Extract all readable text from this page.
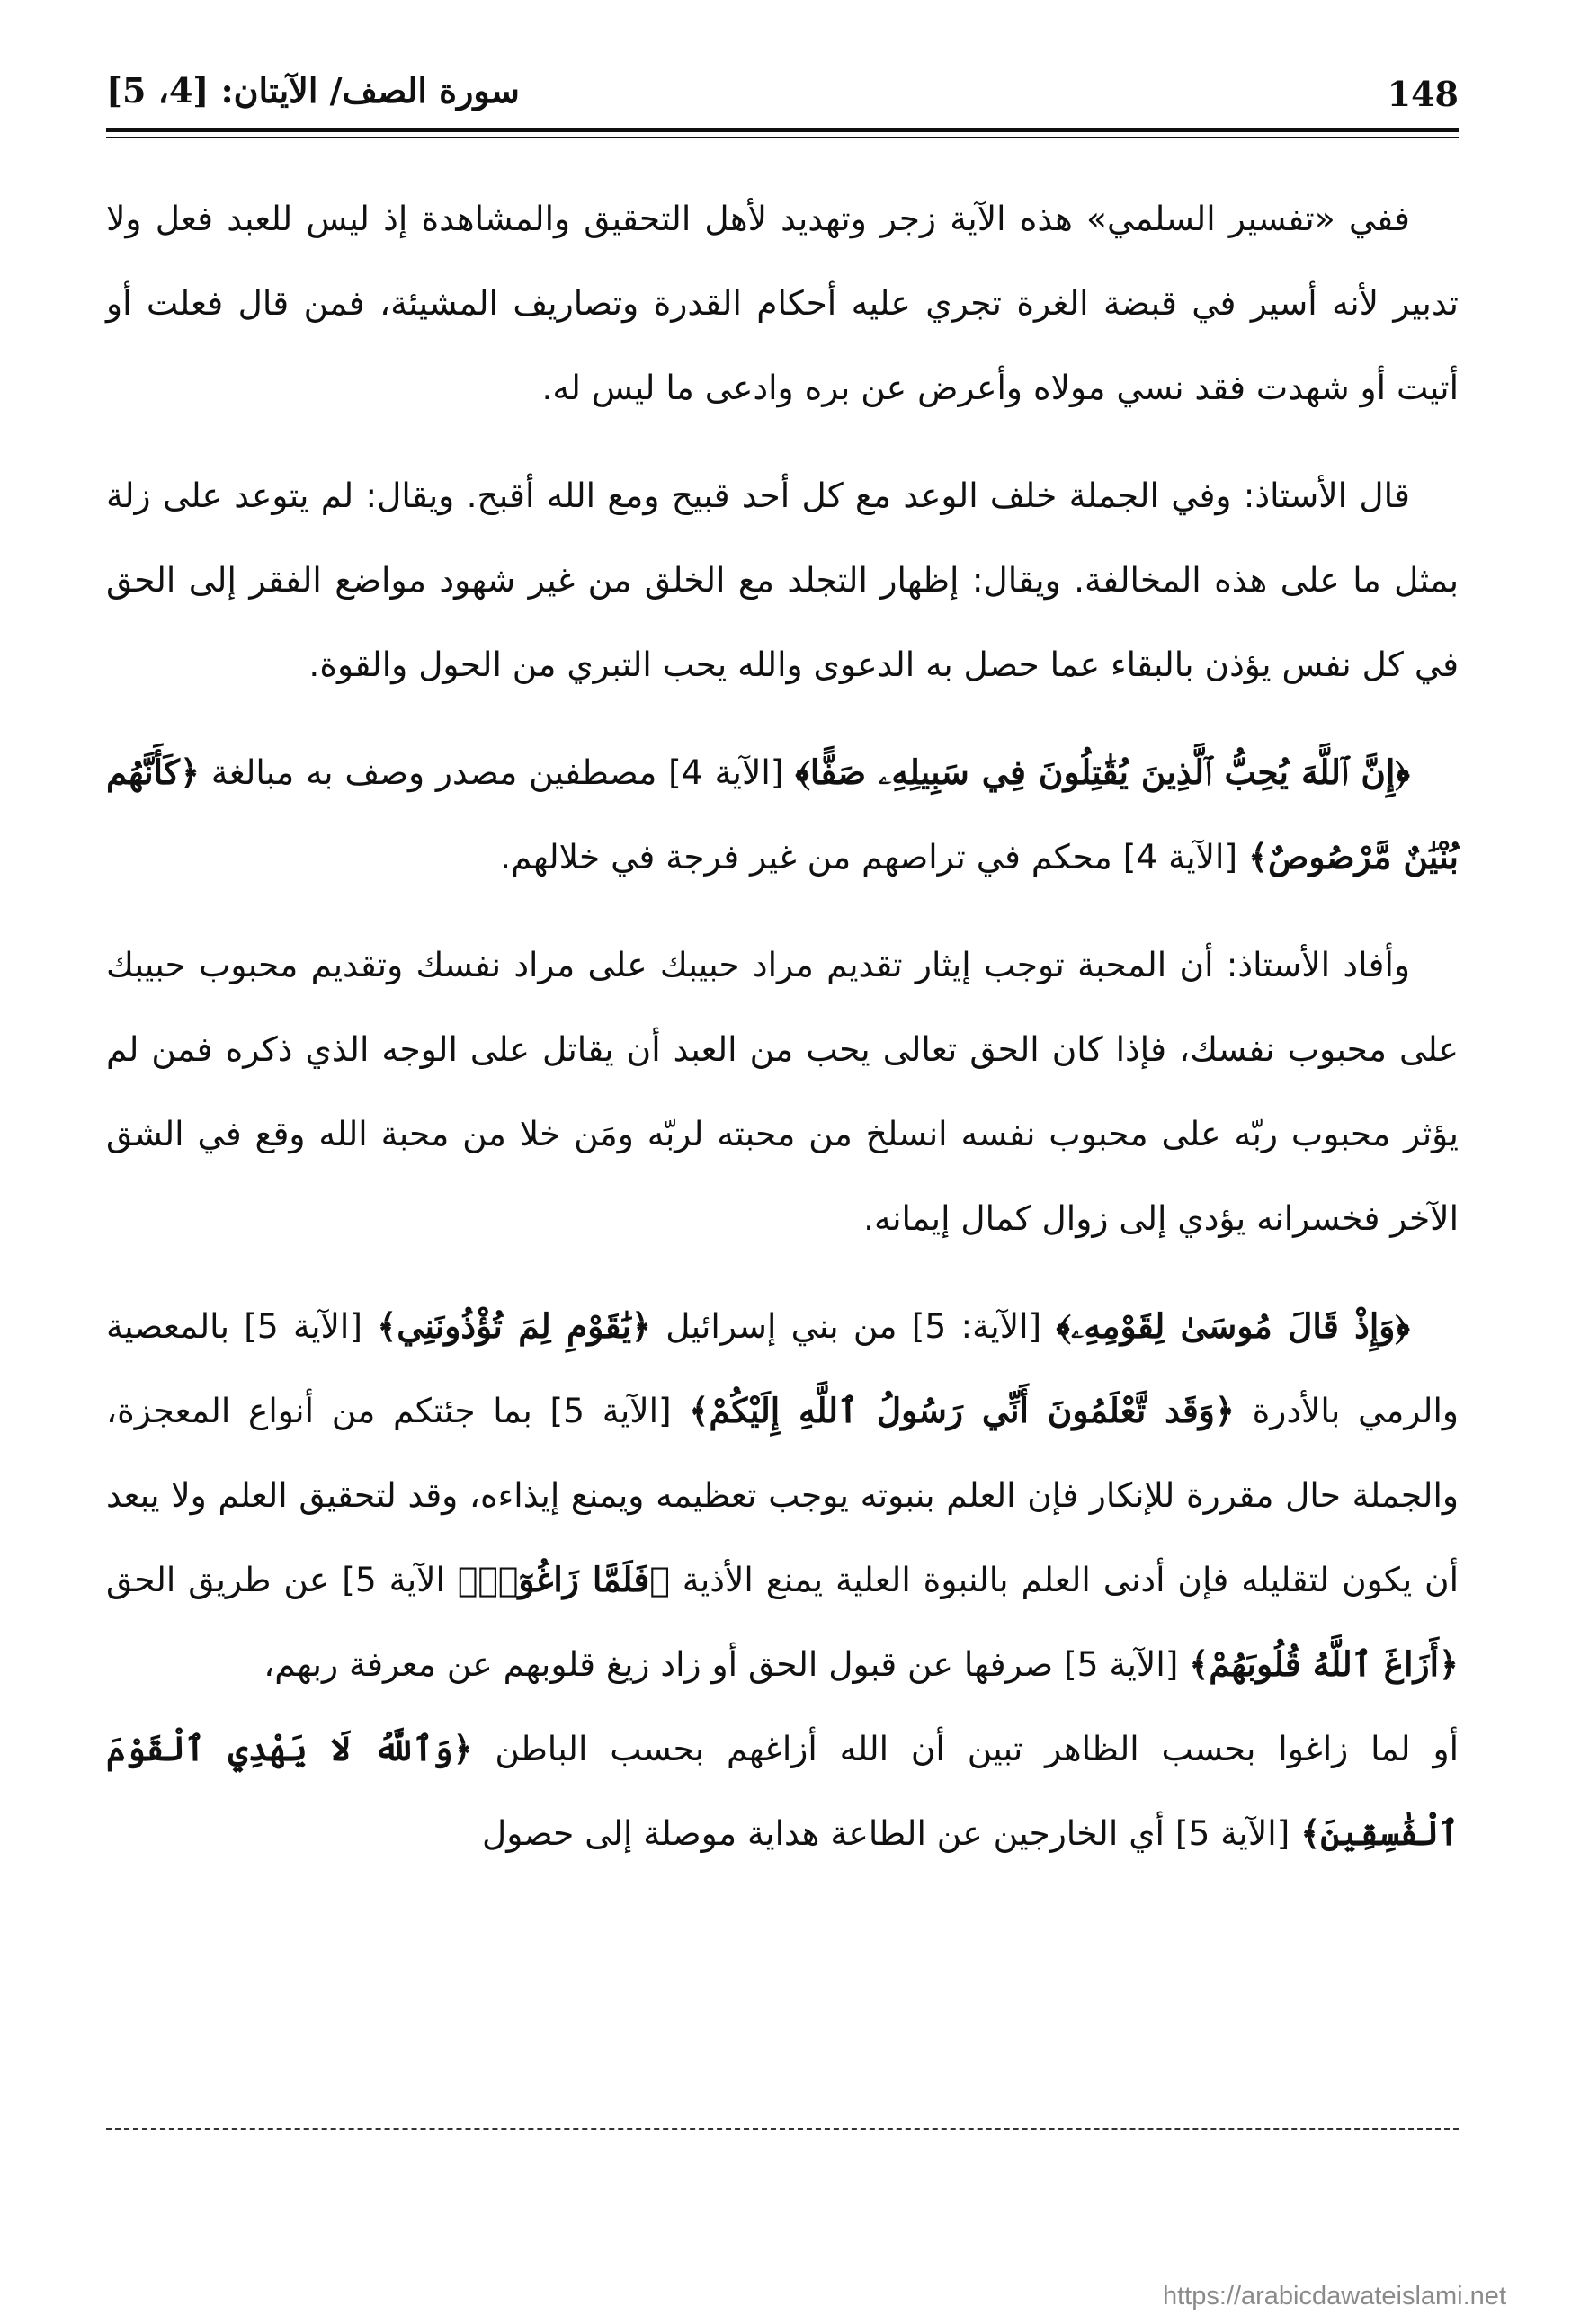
سورة الصف/ الآيتان: [4، 5]	148

ففي «تفسير السلمي» هذه الآية زجر وتهديد لأهل التحقيق والمشاهدة إذ ليس للعبد فعل ولا تدبير لأنه أسير في قبضة الغرة تجري عليه أحكام القدرة وتصاريف المشيئة، فمن قال فعلت أو أتيت أو شهدت فقد نسي مولاه وأعرض عن بره وادعى ما ليس له.

قال الأستاذ: وفي الجملة خلف الوعد مع كل أحد قبيح ومع الله أقبح. ويقال: لم يتوعد على زلة بمثل ما على هذه المخالفة. ويقال: إظهار التجلد مع الخلق من غير شهود مواضع الفقر إلى الحق في كل نفس يؤذن بالبقاء عما حصل به الدعوى والله يحب التبري من الحول والقوة.

﴿إِنَّ ٱللَّهَ يُحِبُّ ٱلَّذِينَ يُقَٰتِلُونَ فِي سَبِيلِهِۦ صَفًّا﴾ [الآية 4] مصطفين مصدر وصف به مبالغة ﴿كَأَنَّهُم بُنْيَٰنٌ مَّرْصُوصٌ﴾ [الآية 4] محكم في تراصهم من غير فرجة في خلالهم.

وأفاد الأستاذ: أن المحبة توجب إيثار تقديم مراد حبيبك على مراد نفسك وتقديم محبوب حبيبك على محبوب نفسك، فإذا كان الحق تعالى يحب من العبد أن يقاتل على الوجه الذي ذكره فمن لم يؤثر محبوب ربّه على محبوب نفسه انسلخ من محبته لربّه ومَن خلا من محبة الله وقع في الشق الآخر فخسرانه يؤدي إلى زوال كمال إيمانه.

﴿وَإِذْ قَالَ مُوسَىٰ لِقَوْمِهِۦ﴾ [الآية: 5] من بني إسرائيل ﴿يَٰقَوْمِ لِمَ تُؤْذُونَنِي﴾ [الآية 5] بالمعصية والرمي بالأدرة ﴿وَقَد تَّعْلَمُونَ أَنِّي رَسُولُ ٱللَّهِ إِلَيْكُمْ﴾ [الآية 5] بما جئتكم من أنواع المعجزة، والجملة حال مقررة للإنكار فإن العلم بنبوته يوجب تعظيمه ويمنع إيذاءه، وقد لتحقيق العلم ولا يبعد أن يكون لتقليله فإن أدنى العلم بالنبوة العلية يمنع الأذية ﴿فَلَمَّا زَاغُوٓا۟﴾ الآية 5] عن طريق الحق ﴿أَزَاغَ ٱللَّهُ قُلُوبَهُمْ﴾ [الآية 5] صرفها عن قبول الحق أو زاد زيغ قلوبهم عن معرفة ربهم،

أو لما زاغوا بحسب الظاهر تبين أن الله أزاغهم بحسب الباطن ﴿وَٱللَّهُ لَا يَهْدِي ٱلْقَوْمَ ٱلْفَٰسِقِينَ﴾ [الآية 5] أي الخارجين عن الطاعة هداية موصلة إلى حصول

https://arabicdawateislami.net
